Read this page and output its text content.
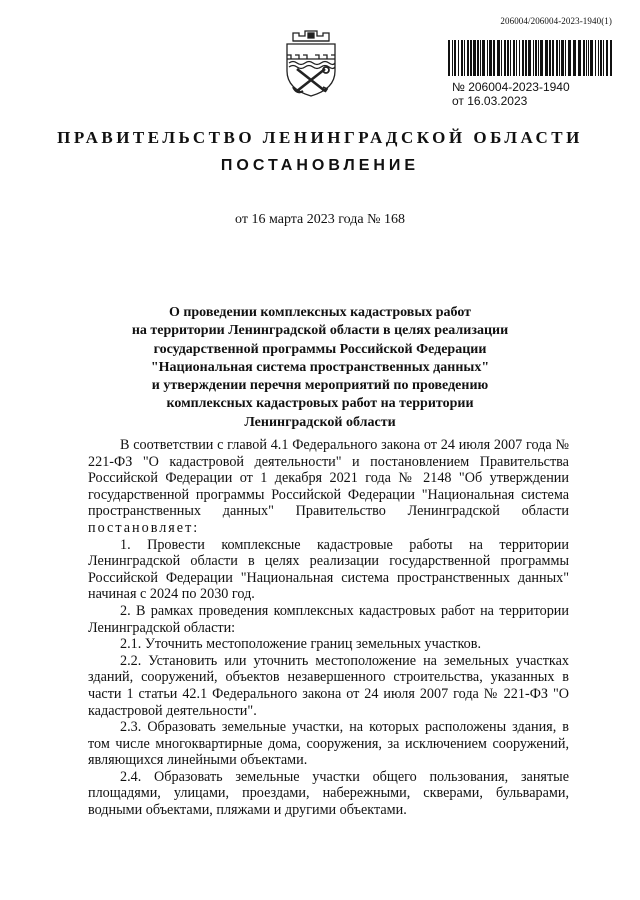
206004/206004-2023-1940(1)
№ 206004-2023-1940
от 16.03.2023
ПРАВИТЕЛЬСТВО ЛЕНИНГРАДСКОЙ ОБЛАСТИ
ПОСТАНОВЛЕНИЕ
от 16 марта 2023 года № 168
О проведении комплексных кадастровых работ
на территории Ленинградской области в целях реализации
государственной программы Российской Федерации
"Национальная система пространственных данных"
и утверждении перечня мероприятий по проведению
комплексных кадастровых работ на территории
Ленинградской области

В соответствии с главой 4.1 Федерального закона от 24 июля 2007 года № 221-ФЗ "О кадастровой деятельности" и постановлением Правительства Российской Федерации от 1 декабря 2021 года № 2148 "Об утверждении государственной программы Российской Федерации "Национальная система пространственных данных" Правительство Ленинградской области постановляет:

1. Провести комплексные кадастровые работы на территории Ленинградской области в целях реализации государственной программы Российской Федерации "Национальная система пространственных данных" начиная с 2024 по 2030 год.

2. В рамках проведения комплексных кадастровых работ на территории Ленинградской области:

2.1. Уточнить местоположение границ земельных участков.

2.2. Установить или уточнить местоположение на земельных участках зданий, сооружений, объектов незавершенного строительства, указанных в части 1 статьи 42.1 Федерального закона от 24 июля 2007 года № 221-ФЗ "О кадастровой деятельности".

2.3. Образовать земельные участки, на которых расположены здания, в том числе многоквартирные дома, сооружения, за исключением сооружений, являющихся линейными объектами.

2.4. Образовать земельные участки общего пользования, занятые площадями, улицами, проездами, набережными, скверами, бульварами, водными объектами, пляжами и другими объектами.
